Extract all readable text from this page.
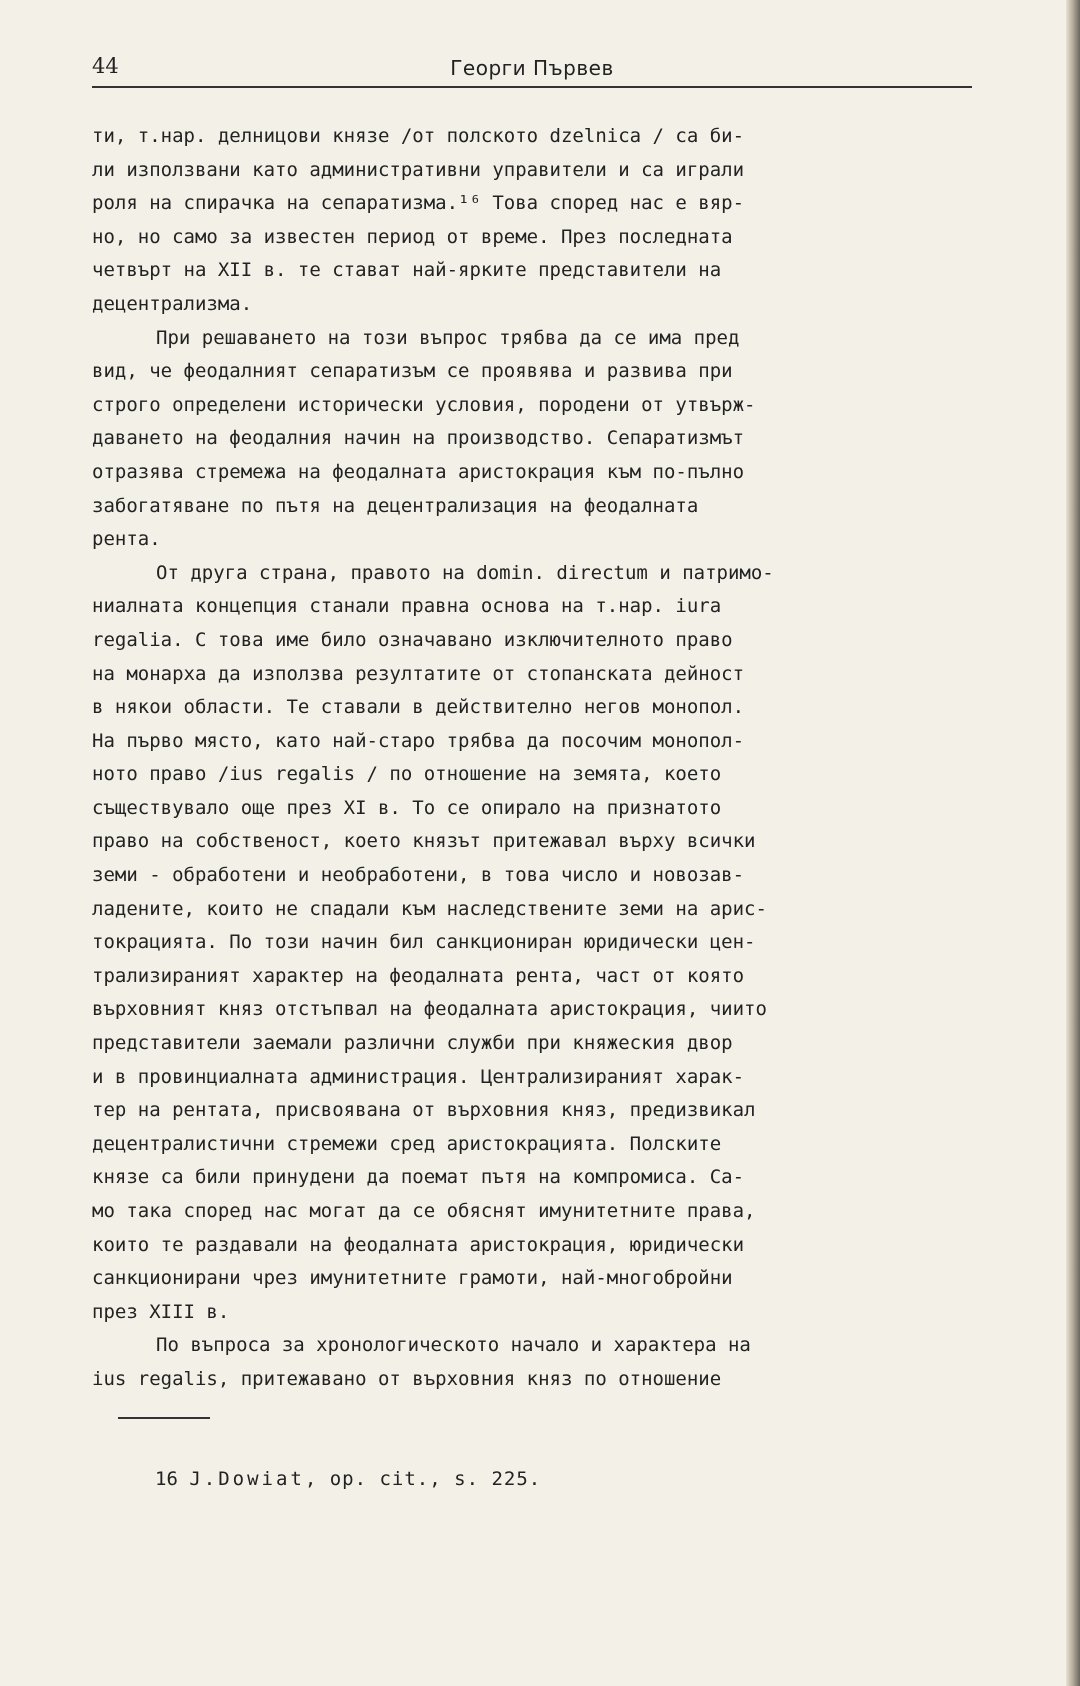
44	Георги Първев
ти, т.нар. делницови князе /от полското dzelnica / са би-
ли използвани като административни управители и са играли
роля на спирачка на сепаратизма.¹⁶ Това според нас е вяр-
но, но само за известен период от време. През последната
четвърт на XII в. те стават най-ярките представители на
децентрализма.
При решаването на този въпрос трябва да се има пред
вид, че феодалният сепаратизъм се проявява и развива при
строго определени исторически условия, породени от утвърж-
даването на феодалния начин на производство. Сепаратизмът
отразява стремежа на феодалната аристокрация към по-пълно
забогатяване по пътя на децентрализация на феодалната
рента.
От друга страна, правото на domin. directum и патримо-
ниалната концепция станали правна основа на т.нар. iura
regalia. С това име било означавано изключителното право
на монарха да използва резултатите от стопанската дейност
в някои области. Те ставали в действително негов монопол.
На първо място, като най-старо трябва да посочим монопол-
ното право /ius regalis / по отношение на земята, което
съществувало още през XI в. То се опирало на признатото
право на собственост, което князът притежавал върху всички
земи - обработени и необработени, в това число и новозав-
ладените, които не спадали към наследствените земи на арис-
токрацията. По този начин бил санкциониран юридически цен-
трализираният характер на феодалната рента, част от която
върховният княз отстъпвал на феодалната аристокрация, чиито
представители заемали различни служби при княжеския двор
и в провинциалната администрация. Централизираният харак-
тер на рентата, присвоявана от върховния княз, предизвикал
децентралистични стремежи сред аристокрацията. Полските
князе са били принудени да поемат пътя на компромиса. Са-
мо така според нас могат да се обяснят имунитетните права,
които те раздавали на феодалната аристокрация, юридически
санкционирани чрез имунитетните грамоти, най-многобройни
през XIII в.
По въпроса за хронологическото начало и характера на
ius regalis, притежавано от върховния княз по отношение
16 J.Dowiat, op. cit., s. 225.
